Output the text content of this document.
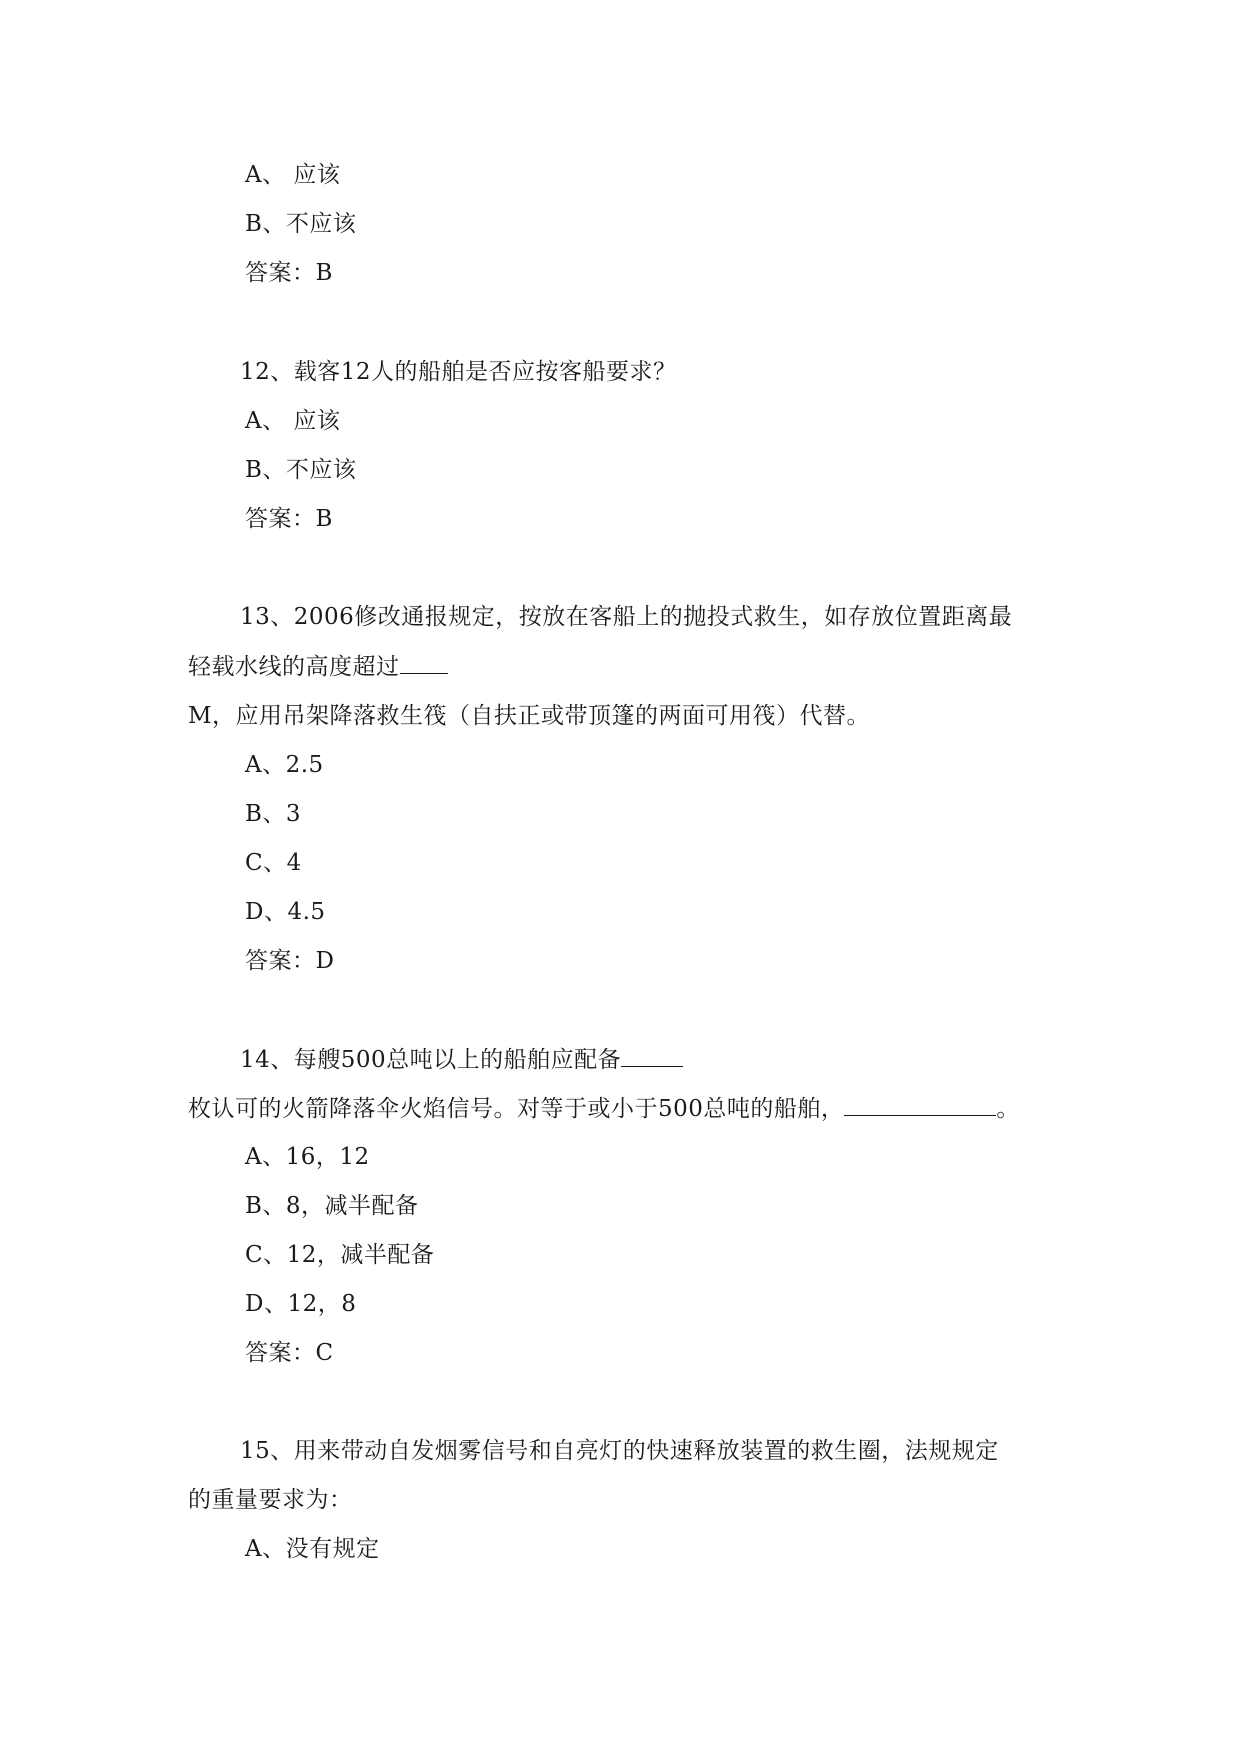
A、 应该
B、不应该
答案：B
12、载客12人的船舶是否应按客船要求？
A、 应该
B、不应该
答案：B
13、2006修改通报规定，按放在客船上的抛投式救生，如存放位置距离最
轻载水线的高度超过
M，应用吊架降落救生筏（自扶正或带顶篷的两面可用筏）代替。
A、2.5
B、3
C、4
D、4.5
答案：D
14、每艘500总吨以上的船舶应配备
枚认可的火箭降落伞火焰信号。对等于或小于500总吨的船舶，	。
A、16，12
B、8，减半配备
C、12，减半配备
D、12，8
答案：C
15、用来带动自发烟雾信号和自亮灯的快速释放装置的救生圈，法规规定
的重量要求为：
A、没有规定
